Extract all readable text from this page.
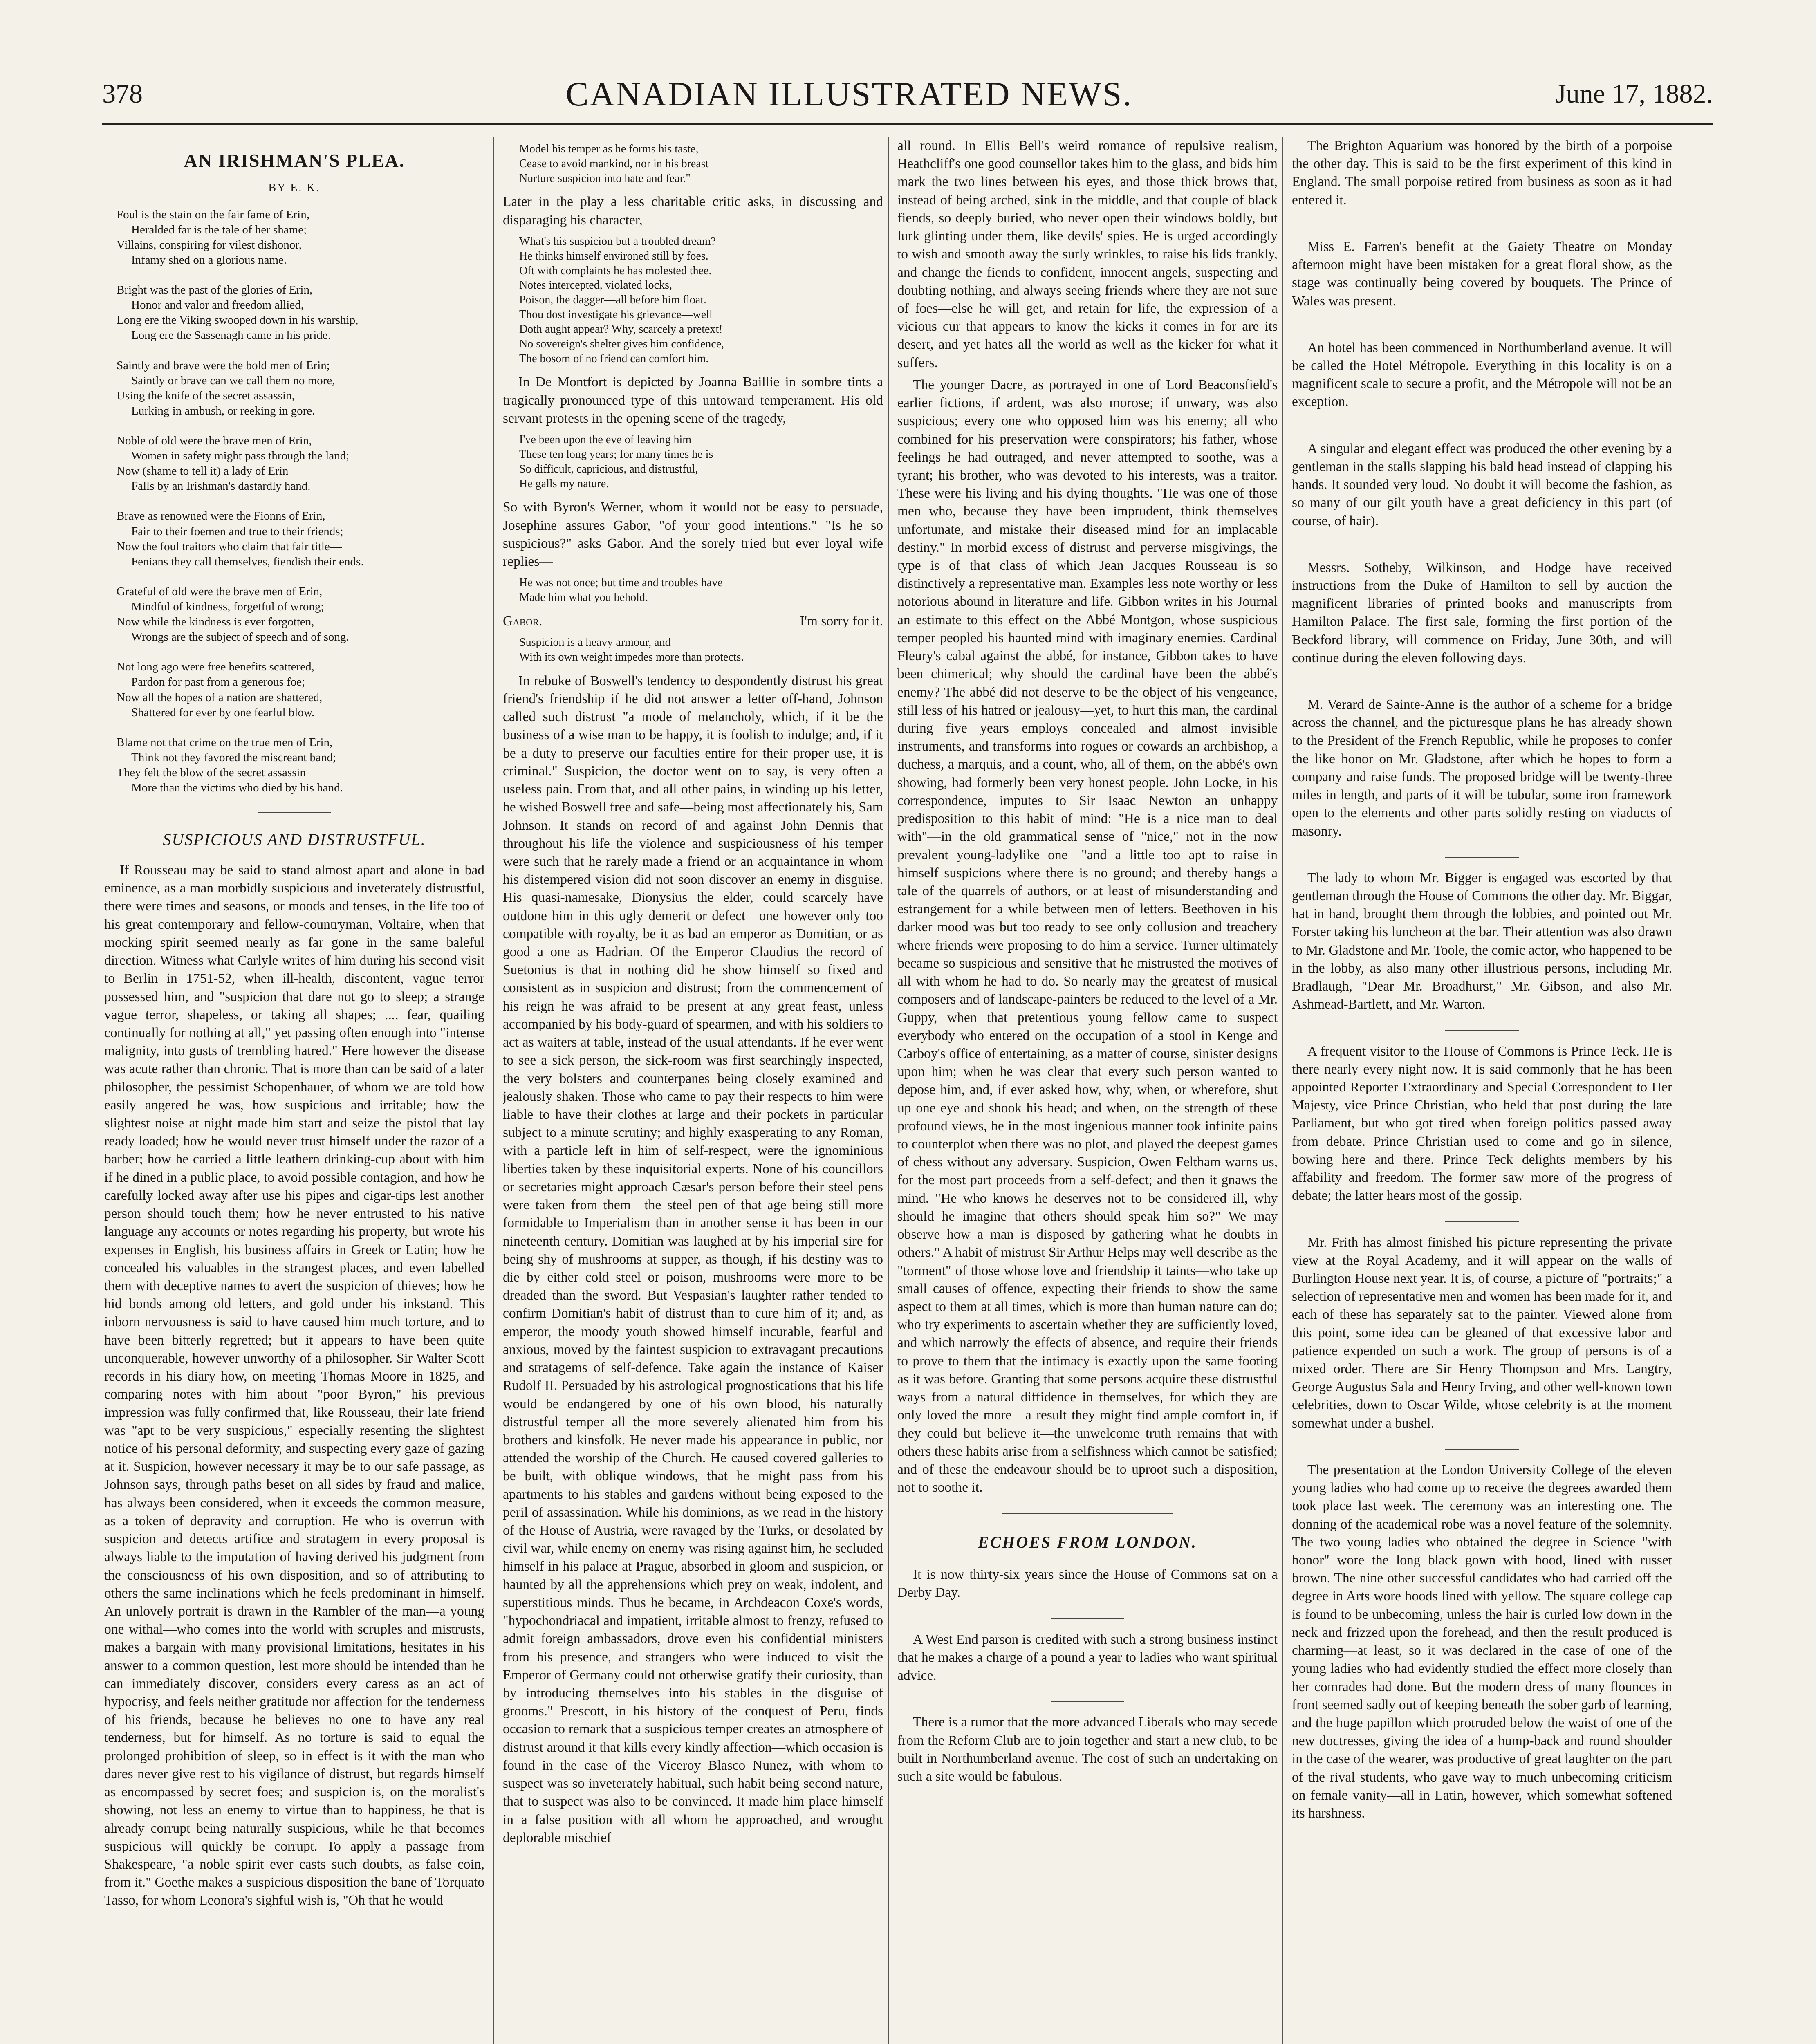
378	CANADIAN ILLUSTRATED NEWS.	June 17, 1882.
AN IRISHMAN'S PLEA.
BY E. K.
Foul is the stain on the fair fame of Erin,
Heralded far is the tale of her shame;
Villains, conspiring for vilest dishonor,
Infamy shed on a glorious name.
Bright was the past of the glories of Erin,
Honor and valor and freedom allied,
Long ere the Viking swooped down in his warship,
Long ere the Sassenagh came in his pride.
Saintly and brave were the bold men of Erin;
Saintly or brave can we call them no more,
Using the knife of the secret assassin,
Lurking in ambush, or reeking in gore.
Noble of old were the brave men of Erin,
Women in safety might pass through the land;
Now (shame to tell it) a lady of Erin
Falls by an Irishman's dastardly hand.
Brave as renowned were the Fionns of Erin,
Fair to their foemen and true to their friends;
Now the foul traitors who claim that fair title—
Fenians they call themselves, fiendish their ends.
Grateful of old were the brave men of Erin,
Mindful of kindness, forgetful of wrong;
Now while the kindness is ever forgotten,
Wrongs are the subject of speech and of song.
Not long ago were free benefits scattered,
Pardon for past from a generous foe;
Now all the hopes of a nation are shattered,
Shattered for ever by one fearful blow.
Blame not that crime on the true men of Erin,
Think not they favored the miscreant band;
They felt the blow of the secret assassin
More than the victims who died by his hand.
SUSPICIOUS AND DISTRUSTFUL.

If Rousseau may be said to stand almost apart and alone in bad eminence, as a man morbidly suspicious and inveterately distrustful, there were times and seasons, or moods and tenses, in the life too of his great contemporary and fellow-countryman, Voltaire, when that mocking spirit seemed nearly as far gone in the same baleful direction. Witness what Carlyle writes of him during his second visit to Berlin in 1751-52, when ill-health, discontent, vague terror possessed him, and "suspicion that dare not go to sleep; a strange vague terror, shapeless, or taking all shapes; .... fear, quailing continually for nothing at all," yet passing often enough into "intense malignity, into gusts of trembling hatred." Here however the disease was acute rather than chronic. That is more than can be said of a later philosopher, the pessimist Schopenhauer, of whom we are told how easily angered he was, how suspicious and irritable; how the slightest noise at night made him start and seize the pistol that lay ready loaded; how he would never trust himself under the razor of a barber; how he carried a little leathern drinking-cup about with him if he dined in a public place, to avoid possible contagion, and how he carefully locked away after use his pipes and cigar-tips lest another person should touch them; how he never entrusted to his native language any accounts or notes regarding his property, but wrote his expenses in English, his business affairs in Greek or Latin; how he concealed his valuables in the strangest places, and even labelled them with deceptive names to avert the suspicion of thieves; how he hid bonds among old letters, and gold under his inkstand. This inborn nervousness is said to have caused him much torture, and to have been bitterly regretted; but it appears to have been quite unconquerable, however unworthy of a philosopher. Sir Walter Scott records in his diary how, on meeting Thomas Moore in 1825, and comparing notes with him about "poor Byron," his previous impression was fully confirmed that, like Rousseau, their late friend was "apt to be very suspicious," especially resenting the slightest notice of his personal deformity, and suspecting every gaze of gazing at it. Suspicion, however necessary it may be to our safe passage, as Johnson says, through paths beset on all sides by fraud and malice, has always been considered, when it exceeds the common measure, as a token of depravity and corruption. He who is overrun with suspicion and detects artifice and stratagem in every proposal is always liable to the imputation of having derived his judgment from the consciousness of his own disposition, and so of attributing to others the same inclinations which he feels predominant in himself. An unlovely portrait is drawn in the Rambler of the man—a young one withal—who comes into the world with scruples and mistrusts, makes a bargain with many provisional limitations, hesitates in his answer to a common question, lest more should be intended than he can immediately discover, considers every caress as an act of hypocrisy, and feels neither gratitude nor affection for the tenderness of his friends, because he believes no one to have any real tenderness, but for himself. As no torture is said to equal the prolonged prohibition of sleep, so in effect is it with the man who dares never give rest to his vigilance of distrust, but regards himself as encompassed by secret foes; and suspicion is, on the moralist's showing, not less an enemy to virtue than to happiness, he that is already corrupt being naturally suspicious, while he that becomes suspicious will quickly be corrupt. To apply a passage from Shakespeare, "a noble spirit ever casts such doubts, as false coin, from it." Goethe makes a suspicious disposition the bane of Torquato Tasso, for whom Leonora's sighful wish is, "Oh that he would

Model his temper as he forms his taste,
Cease to avoid mankind, nor in his breast
Nurture suspicion into hate and fear."

Later in the play a less charitable critic asks, in discussing and disparaging his character,

What's his suspicion but a troubled dream?
He thinks himself environed still by foes.
Oft with complaints he has molested thee.
Notes intercepted, violated locks,
Poison, the dagger—all before him float.
Thou dost investigate his grievance—well
Doth aught appear? Why, scarcely a pretext!
No sovereign's shelter gives him confidence,
The bosom of no friend can comfort him.

In De Montfort is depicted by Joanna Baillie in sombre tints a tragically pronounced type of this untoward temperament. His old servant protests in the opening scene of the tragedy,

I've been upon the eve of leaving him
These ten long years; for many times he is
So difficult, capricious, and distrustful,
He galls my nature.

So with Byron's Werner, whom it would not be easy to persuade, Josephine assures Gabor, "of your good intentions." "Is he so suspicious?" asks Gabor. And the sorely tried but ever loyal wife replies—

He was not once; but time and troubles have
Made him what you behold.
Gabor.	I'm sorry for it.
Suspicion is a heavy armour, and
With its own weight impedes more than protects.

In rebuke of Boswell's tendency to despondently distrust his great friend's friendship if he did not answer a letter off-hand, Johnson called such distrust "a mode of melancholy, which, if it be the business of a wise man to be happy, it is foolish to indulge; and, if it be a duty to preserve our faculties entire for their proper use, it is criminal." Suspicion, the doctor went on to say, is very often a useless pain. From that, and all other pains, in winding up his letter, he wished Boswell free and safe—being most affectionately his, Sam Johnson. It stands on record of and against John Dennis that throughout his life the violence and suspiciousness of his temper were such that he rarely made a friend or an acquaintance in whom his distempered vision did not soon discover an enemy in disguise. His quasi-namesake, Dionysius the elder, could scarcely have outdone him in this ugly demerit or defect—one however only too compatible with royalty, be it as bad an emperor as Domitian, or as good a one as Hadrian. Of the Emperor Claudius the record of Suetonius is that in nothing did he show himself so fixed and consistent as in suspicion and distrust; from the commencement of his reign he was afraid to be present at any great feast, unless accompanied by his body-guard of spearmen, and with his soldiers to act as waiters at table, instead of the usual attendants. If he ever went to see a sick person, the sick-room was first searchingly inspected, the very bolsters and counterpanes being closely examined and jealously shaken. Those who came to pay their respects to him were liable to have their clothes at large and their pockets in particular subject to a minute scrutiny; and highly exasperating to any Roman, with a particle left in him of self-respect, were the ignominious liberties taken by these inquisitorial experts. None of his councillors or secretaries might approach Cæsar's person before their steel pens were taken from them—the steel pen of that age being still more formidable to Imperialism than in another sense it has been in our nineteenth century. Domitian was laughed at by his imperial sire for being shy of mushrooms at supper, as though, if his destiny was to die by either cold steel or poison, mushrooms were more to be dreaded than the sword. But Vespasian's laughter rather tended to confirm Domitian's habit of distrust than to cure him of it; and, as emperor, the moody youth showed himself incurable, fearful and anxious, moved by the faintest suspicion to extravagant precautions and stratagems of self-defence. Take again the instance of Kaiser Rudolf II. Persuaded by his astrological prognostications that his life would be endangered by one of his own blood, his naturally distrustful temper all the more severely alienated him from his brothers and kinsfolk. He never made his appearance in public, nor attended the worship of the Church. He caused covered galleries to be built, with oblique windows, that he might pass from his apartments to his stables and gardens without being exposed to the peril of assassination. While his dominions, as we read in the history of the House of Austria, were ravaged by the Turks, or desolated by civil war, while enemy on enemy was rising against him, he secluded himself in his palace at Prague, absorbed in gloom and suspicion, or haunted by all the apprehensions which prey on weak, indolent, and superstitious minds. Thus he became, in Archdeacon Coxe's words, "hypochondriacal and impatient, irritable almost to frenzy, refused to admit foreign ambassadors, drove even his confidential ministers from his presence, and strangers who were induced to visit the Emperor of Germany could not otherwise gratify their curiosity, than by introducing themselves into his stables in the disguise of grooms." Prescott, in his history of the conquest of Peru, finds occasion to remark that a suspicious temper creates an atmosphere of distrust around it that kills every kindly affection—which occasion is found in the case of the Viceroy Blasco Nunez, with whom to suspect was so inveterately habitual, such habit being second nature, that to suspect was also to be convinced. It made him place himself in a false position with all whom he approached, and wrought deplorable mischief

all round. In Ellis Bell's weird romance of repulsive realism, Heathcliff's one good counsellor takes him to the glass, and bids him mark the two lines between his eyes, and those thick brows that, instead of being arched, sink in the middle, and that couple of black fiends, so deeply buried, who never open their windows boldly, but lurk glinting under them, like devils' spies. He is urged accordingly to wish and smooth away the surly wrinkles, to raise his lids frankly, and change the fiends to confident, innocent angels, suspecting and doubting nothing, and always seeing friends where they are not sure of foes—else he will get, and retain for life, the expression of a vicious cur that appears to know the kicks it comes in for are its desert, and yet hates all the world as well as the kicker for what it suffers.

The younger Dacre, as portrayed in one of Lord Beaconsfield's earlier fictions, if ardent, was also morose; if unwary, was also suspicious; every one who opposed him was his enemy; all who combined for his preservation were conspirators; his father, whose feelings he had outraged, and never attempted to soothe, was a tyrant; his brother, who was devoted to his interests, was a traitor. These were his living and his dying thoughts. "He was one of those men who, because they have been imprudent, think themselves unfortunate, and mistake their diseased mind for an implacable destiny." In morbid excess of distrust and perverse misgivings, the type is of that class of which Jean Jacques Rousseau is so distinctively a representative man. Examples less note worthy or less notorious abound in literature and life. Gibbon writes in his Journal an estimate to this effect on the Abbé Montgon, whose suspicious temper peopled his haunted mind with imaginary enemies. Cardinal Fleury's cabal against the abbé, for instance, Gibbon takes to have been chimerical; why should the cardinal have been the abbé's enemy? The abbé did not deserve to be the object of his vengeance, still less of his hatred or jealousy—yet, to hurt this man, the cardinal during five years employs concealed and almost invisible instruments, and transforms into rogues or cowards an archbishop, a duchess, a marquis, and a count, who, all of them, on the abbé's own showing, had formerly been very honest people. John Locke, in his correspondence, imputes to Sir Isaac Newton an unhappy predisposition to this habit of mind: "He is a nice man to deal with"—in the old grammatical sense of "nice," not in the now prevalent young-ladylike one—"and a little too apt to raise in himself suspicions where there is no ground; and thereby hangs a tale of the quarrels of authors, or at least of misunderstanding and estrangement for a while between men of letters. Beethoven in his darker mood was but too ready to see only collusion and treachery where friends were proposing to do him a service. Turner ultimately became so suspicious and sensitive that he mistrusted the motives of all with whom he had to do. So nearly may the greatest of musical composers and of landscape-painters be reduced to the level of a Mr. Guppy, when that pretentious young fellow came to suspect everybody who entered on the occupation of a stool in Kenge and Carboy's office of entertaining, as a matter of course, sinister designs upon him; when he was clear that every such person wanted to depose him, and, if ever asked how, why, when, or wherefore, shut up one eye and shook his head; and when, on the strength of these profound views, he in the most ingenious manner took infinite pains to counterplot when there was no plot, and played the deepest games of chess without any adversary. Suspicion, Owen Feltham warns us, for the most part proceeds from a self-defect; and then it gnaws the mind. "He who knows he deserves not to be considered ill, why should he imagine that others should speak him so?" We may observe how a man is disposed by gathering what he doubts in others." A habit of mistrust Sir Arthur Helps may well describe as the "torment" of those whose love and friendship it taints—who take up small causes of offence, expecting their friends to show the same aspect to them at all times, which is more than human nature can do; who try experiments to ascertain whether they are sufficiently loved, and which narrowly the effects of absence, and require their friends to prove to them that the intimacy is exactly upon the same footing as it was before. Granting that some persons acquire these distrustful ways from a natural diffidence in themselves, for which they are only loved the more—a result they might find ample comfort in, if they could but believe it—the unwelcome truth remains that with others these habits arise from a selfishness which cannot be satisfied; and of these the endeavour should be to uproot such a disposition, not to soothe it.

ECHOES FROM LONDON.

It is now thirty-six years since the House of Commons sat on a Derby Day.

A West End parson is credited with such a strong business instinct that he makes a charge of a pound a year to ladies who want spiritual advice.

There is a rumor that the more advanced Liberals who may secede from the Reform Club are to join together and start a new club, to be built in Northumberland avenue. The cost of such an undertaking on such a site would be fabulous.

The Brighton Aquarium was honored by the birth of a porpoise the other day. This is said to be the first experiment of this kind in England. The small porpoise retired from business as soon as it had entered it.

Miss E. Farren's benefit at the Gaiety Theatre on Monday afternoon might have been mistaken for a great floral show, as the stage was continually being covered by bouquets. The Prince of Wales was present.

An hotel has been commenced in Northumberland avenue. It will be called the Hotel Métropole. Everything in this locality is on a magnificent scale to secure a profit, and the Métropole will not be an exception.

A singular and elegant effect was produced the other evening by a gentleman in the stalls slapping his bald head instead of clapping his hands. It sounded very loud. No doubt it will become the fashion, as so many of our gilt youth have a great deficiency in this part (of course, of hair).

Messrs. Sotheby, Wilkinson, and Hodge have received instructions from the Duke of Hamilton to sell by auction the magnificent libraries of printed books and manuscripts from Hamilton Palace. The first sale, forming the first portion of the Beckford library, will commence on Friday, June 30th, and will continue during the eleven following days.

M. Verard de Sainte-Anne is the author of a scheme for a bridge across the channel, and the picturesque plans he has already shown to the President of the French Republic, while he proposes to confer the like honor on Mr. Gladstone, after which he hopes to form a company and raise funds. The proposed bridge will be twenty-three miles in length, and parts of it will be tubular, some iron framework open to the elements and other parts solidly resting on viaducts of masonry.

The lady to whom Mr. Bigger is engaged was escorted by that gentleman through the House of Commons the other day. Mr. Biggar, hat in hand, brought them through the lobbies, and pointed out Mr. Forster taking his luncheon at the bar. Their attention was also drawn to Mr. Gladstone and Mr. Toole, the comic actor, who happened to be in the lobby, as also many other illustrious persons, including Mr. Bradlaugh, "Dear Mr. Broadhurst," Mr. Gibson, and also Mr. Ashmead-Bartlett, and Mr. Warton.

A frequent visitor to the House of Commons is Prince Teck. He is there nearly every night now. It is said commonly that he has been appointed Reporter Extraordinary and Special Correspondent to Her Majesty, vice Prince Christian, who held that post during the late Parliament, but who got tired when foreign politics passed away from debate. Prince Christian used to come and go in silence, bowing here and there. Prince Teck delights members by his affability and freedom. The former saw more of the progress of debate; the latter hears most of the gossip.

Mr. Frith has almost finished his picture representing the private view at the Royal Academy, and it will appear on the walls of Burlington House next year. It is, of course, a picture of "portraits;" a selection of representative men and women has been made for it, and each of these has separately sat to the painter. Viewed alone from this point, some idea can be gleaned of that excessive labor and patience expended on such a work. The group of persons is of a mixed order. There are Sir Henry Thompson and Mrs. Langtry, George Augustus Sala and Henry Irving, and other well-known town celebrities, down to Oscar Wilde, whose celebrity is at the moment somewhat under a bushel.

The presentation at the London University College of the eleven young ladies who had come up to receive the degrees awarded them took place last week. The ceremony was an interesting one. The donning of the academical robe was a novel feature of the solemnity. The two young ladies who obtained the degree in Science "with honor" wore the long black gown with hood, lined with russet brown. The nine other successful candidates who had carried off the degree in Arts wore hoods lined with yellow. The square college cap is found to be unbecoming, unless the hair is curled low down in the neck and frizzed upon the forehead, and then the result produced is charming—at least, so it was declared in the case of one of the young ladies who had evidently studied the effect more closely than her comrades had done. But the modern dress of many flounces in front seemed sadly out of keeping beneath the sober garb of learning, and the huge papillon which protruded below the waist of one of the new doctresses, giving the idea of a hump-back and round shoulder in the case of the wearer, was productive of great laughter on the part of the rival students, who gave way to much unbecoming criticism on female vanity—all in Latin, however, which somewhat softened its harshness.
